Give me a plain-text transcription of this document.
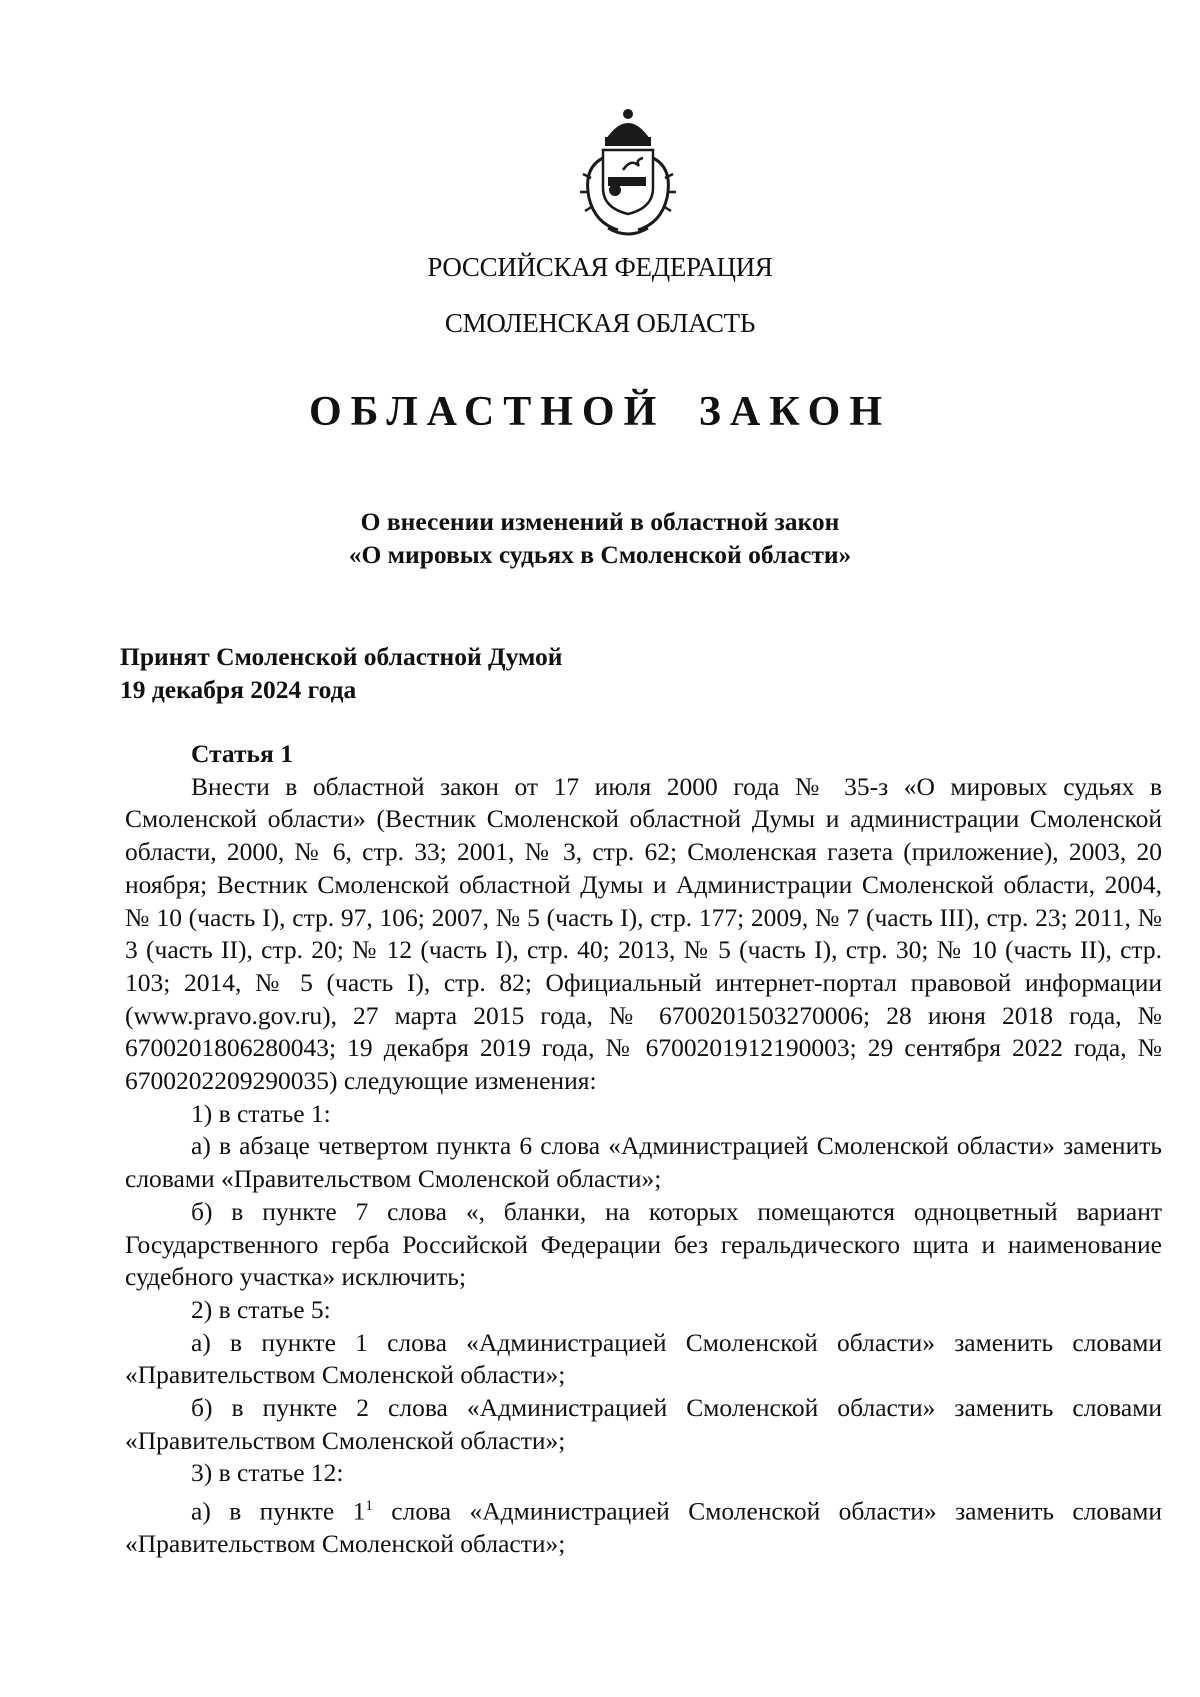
РОССИЙСКАЯ ФЕДЕРАЦИЯ
СМОЛЕНСКАЯ ОБЛАСТЬ
ОБЛАСТНОЙ ЗАКОН
О внесении изменений в областной закон
«О мировых судьях в Смоленской области»
Принят Смоленской областной Думой
19 декабря 2024 года

Статья 1

Внести в областной закон от 17 июля 2000 года № 35-з «О мировых судьях в Смоленской области» (Вестник Смоленской областной Думы и администрации Смоленской области, 2000, № 6, стр. 33; 2001, № 3, стр. 62; Смоленская газета (приложение), 2003, 20 ноября; Вестник Смоленской областной Думы и Администрации Смоленской области, 2004, № 10 (часть I), стр. 97, 106; 2007, № 5 (часть I), стр. 177; 2009, № 7 (часть III), стр. 23; 2011, № 3 (часть II), стр. 20; № 12 (часть I), стр. 40; 2013, № 5 (часть I), стр. 30; № 10 (часть II), стр. 103; 2014, № 5 (часть I), стр. 82; Официальный интернет-портал правовой информации (www.pravo.gov.ru), 27 марта 2015 года, № 6700201503270006; 28 июня 2018 года, № 6700201806280043; 19 декабря 2019 года, № 6700201912190003; 29 сентября 2022 года, № 6700202209290035) следующие изменения:

1) в статье 1:

а) в абзаце четвертом пункта 6 слова «Администрацией Смоленской области» заменить словами «Правительством Смоленской области»;

б) в пункте 7 слова «, бланки, на которых помещаются одноцветный вариант Государственного герба Российской Федерации без геральдического щита и наименование судебного участка» исключить;

2) в статье 5:

а) в пункте 1 слова «Администрацией Смоленской области» заменить словами «Правительством Смоленской области»;

б) в пункте 2 слова «Администрацией Смоленской области» заменить словами «Правительством Смоленской области»;

3) в статье 12:

а) в пункте $1^1$ слова «Администрацией Смоленской области» заменить словами «Правительством Смоленской области»;
